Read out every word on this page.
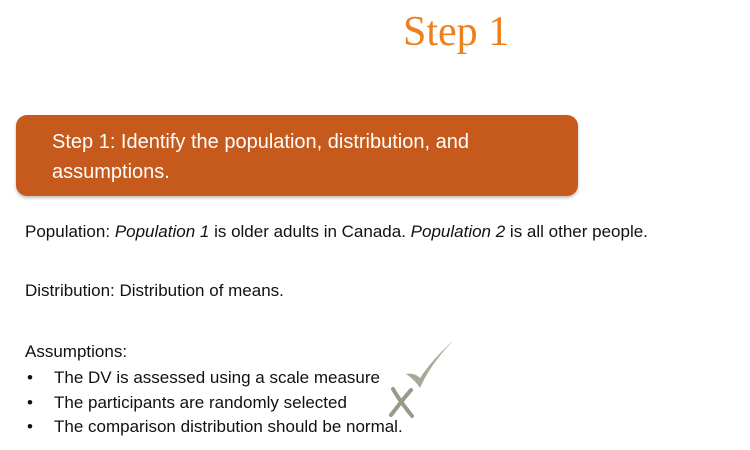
Step 1

Step 1: Identify the population, distribution, and assumptions.

Population: Population 1 is older adults in Canada. Population 2 is all other people.

Distribution: Distribution of means.

Assumptions:

• The DV is assessed using a scale measure
• The participants are randomly selected
• The comparison distribution should be normal.
